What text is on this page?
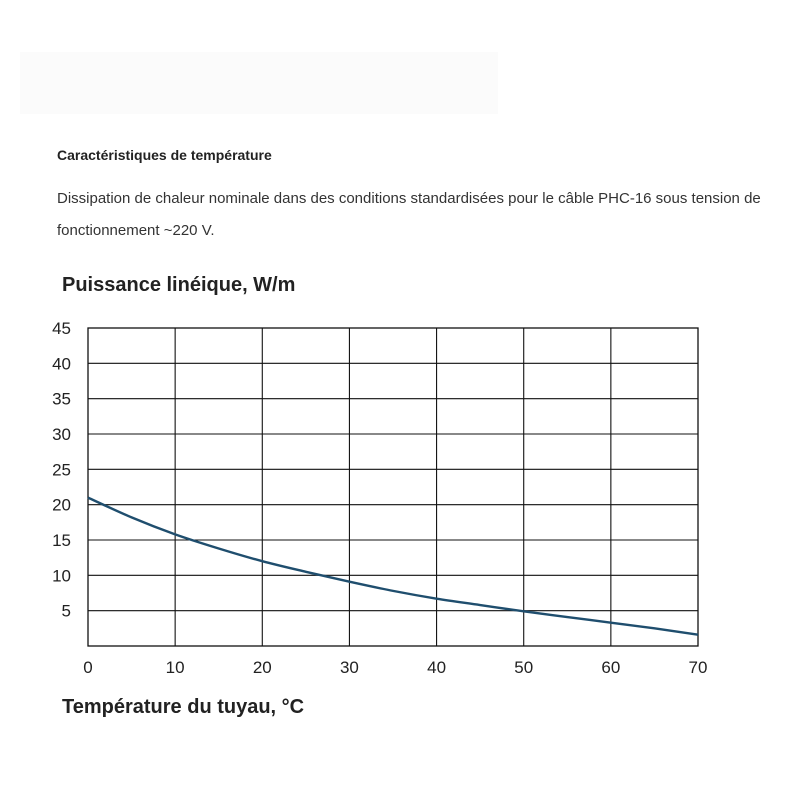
Caractéristiques de température
Dissipation de chaleur nominale dans des conditions standardisées pour le câble PHC-16 sous tension de fonctionnement ~220 V.
Puissance linéique, W/m
Température du tuyau, °C
5
10
15
20
25
30
35
40
45
0	10	20	30	40	50	60	70
